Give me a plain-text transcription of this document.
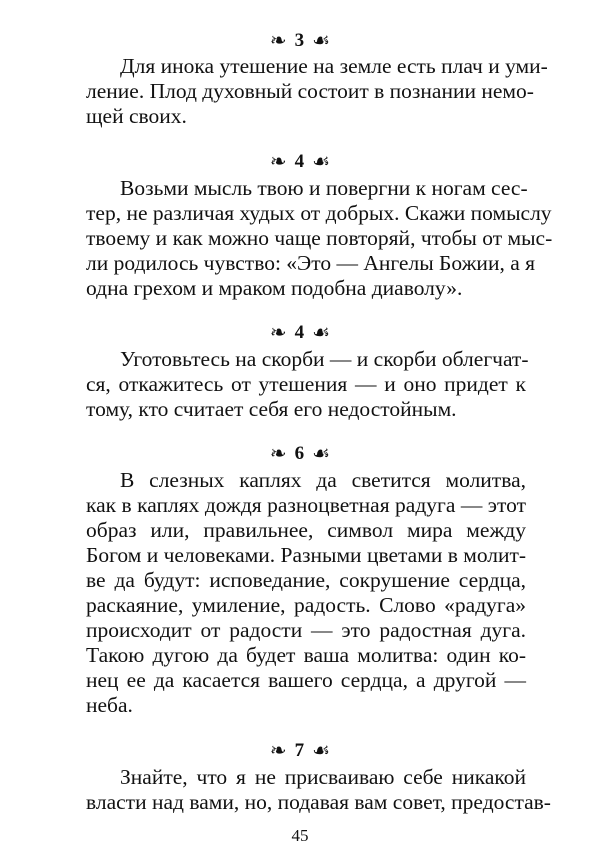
❧ 3 ☙
Для инока утешение на земле есть плач и уми-
ление. Плод духовный состоит в познании немо-
щей своих.
❧ 4 ☙
Возьми мысль твою и повергни к ногам сес-
тер, не различая худых от добрых. Скажи помыслу
твоему и как можно чаще повторяй, чтобы от мыс-
ли родилось чувство: «Это — Ангелы Божии, а я
одна грехом и мраком подобна диаволу».
❧ 4 ☙
Уготовьтесь на скорби — и скорби облегчат-
ся, откажитесь от утешения — и оно придет к
тому, кто считает себя его недостойным.
❧ 6 ☙
В слезных каплях да светится молитва,
как в каплях дождя разноцветная радуга — этот
образ или, правильнее, символ мира между
Богом и человеками. Разными цветами в молит-
ве да будут: исповедание, сокрушение сердца,
раскаяние, умиление, радость. Слово «радуга»
происходит от радости — это радостная дуга.
Такою дугою да будет ваша молитва: один ко-
нец ее да касается вашего сердца, а другой —
неба.
❧ 7 ☙
Знайте, что я не присваиваю себе никакой
власти над вами, но, подавая вам совет, предостав-
45
